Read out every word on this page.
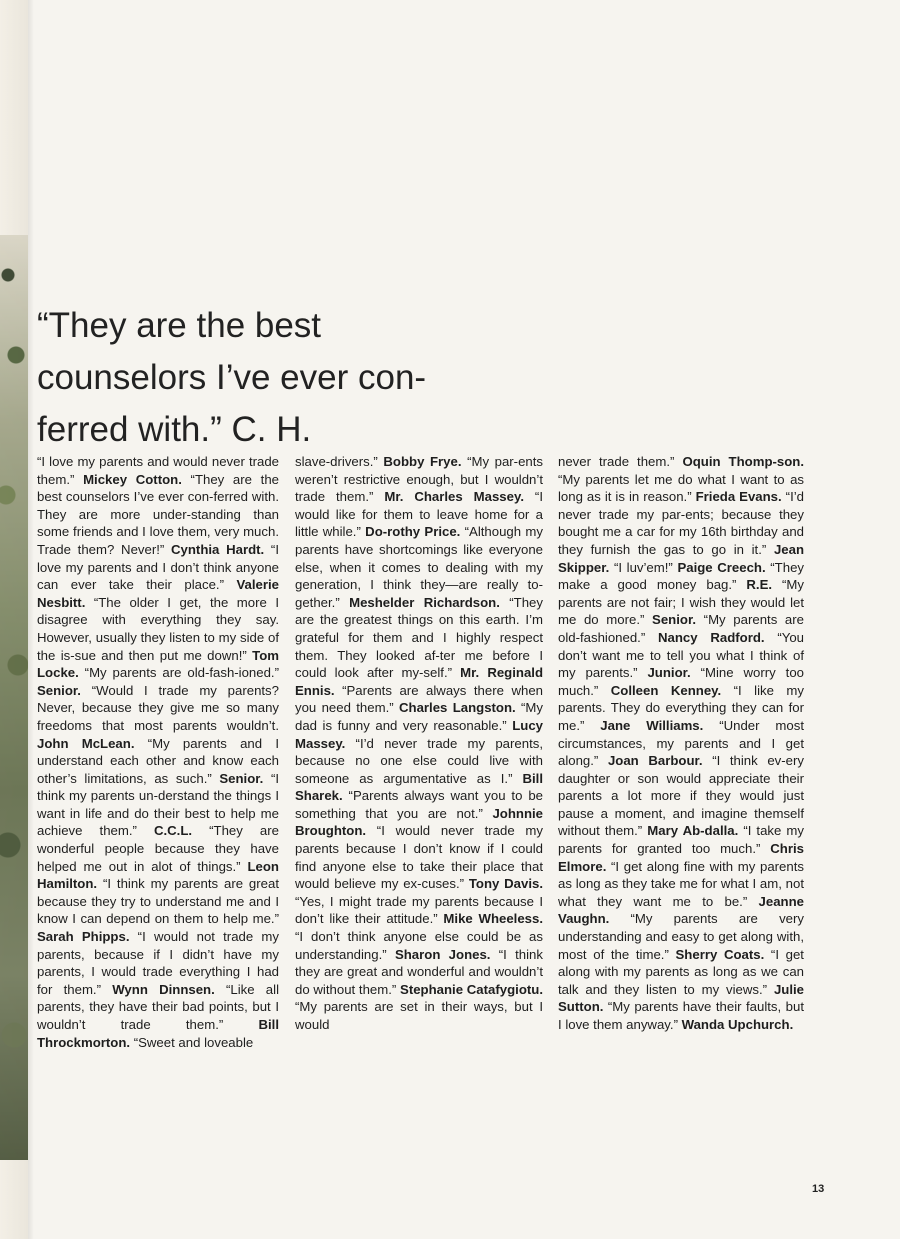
“They are the best counselors I’ve ever con-ferred with.” C. H.

“I love my parents and would never trade them.” Mickey Cotton. “They are the best counselors I’ve ever con-ferred with. They are more under-standing than some friends and I love them, very much. Trade them? Never!” Cynthia Hardt. “I love my parents and I don’t think anyone can ever take their place.” Valerie Nesbitt. “The older I get, the more I disagree with everything they say. However, usually they listen to my side of the is-sue and then put me down!” Tom Locke. “My parents are old-fash-ioned.” Senior. “Would I trade my parents? Never, because they give me so many freedoms that most parents wouldn’t. John McLean. “My parents and I understand each other and know each other’s limitations, as such.” Senior. “I think my parents un-derstand the things I want in life and do their best to help me achieve them.” C.C.L. “They are wonderful people because they have helped me out in alot of things.” Leon Hamilton. “I think my parents are great because they try to understand me and I know I can depend on them to help me.” Sarah Phipps. “I would not trade my parents, because if I didn’t have my parents, I would trade everything I had for them.” Wynn Dinnsen. “Like all parents, they have their bad points, but I wouldn’t trade them.” Bill Throckmorton. “Sweet and loveable

slave-drivers.” Bobby Frye. “My par-ents weren’t restrictive enough, but I wouldn’t trade them.” Mr. Charles Massey. “I would like for them to leave home for a little while.” Do-rothy Price. “Although my parents have shortcomings like everyone else, when it comes to dealing with my generation, I think they—are really to-gether.” Meshelder Richardson. “They are the greatest things on this earth. I’m grateful for them and I highly respect them. They looked af-ter me before I could look after my-self.” Mr. Reginald Ennis. “Parents are always there when you need them.” Charles Langston. “My dad is funny and very reasonable.” Lucy Massey. “I’d never trade my parents, because no one else could live with someone as argumentative as I.” Bill Sharek. “Parents always want you to be something that you are not.” Johnnie Broughton. “I would never trade my parents because I don’t know if I could find anyone else to take their place that would believe my ex-cuses.” Tony Davis. “Yes, I might trade my parents because I don’t like their attitude.” Mike Wheeless. “I don’t think anyone else could be as understanding.” Sharon Jones. “I think they are great and wonderful and wouldn’t do without them.” Stephanie Catafygiotu. “My parents are set in their ways, but I would

never trade them.” Oquin Thomp-son. “My parents let me do what I want to as long as it is in reason.” Frieda Evans. “I’d never trade my par-ents; because they bought me a car for my 16th birthday and they furnish the gas to go in it.” Jean Skipper. “I luv’em!” Paige Creech. “They make a good money bag.” R.E. “My parents are not fair; I wish they would let me do more.” Senior. “My parents are old-fashioned.” Nancy Radford. “You don’t want me to tell you what I think of my parents.” Junior. “Mine worry too much.” Colleen Kenney. “I like my parents. They do everything they can for me.” Jane Williams. “Under most circumstances, my parents and I get along.” Joan Barbour. “I think ev-ery daughter or son would appreciate their parents a lot more if they would just pause a moment, and imagine themself without them.” Mary Ab-dalla. “I take my parents for granted too much.” Chris Elmore. “I get along fine with my parents as long as they take me for what I am, not what they want me to be.” Jeanne Vaughn. “My parents are very understanding and easy to get along with, most of the time.” Sherry Coats. “I get along with my parents as long as we can talk and they listen to my views.” Julie Sutton. “My parents have their faults, but I love them anyway.” Wanda Upchurch.

13
